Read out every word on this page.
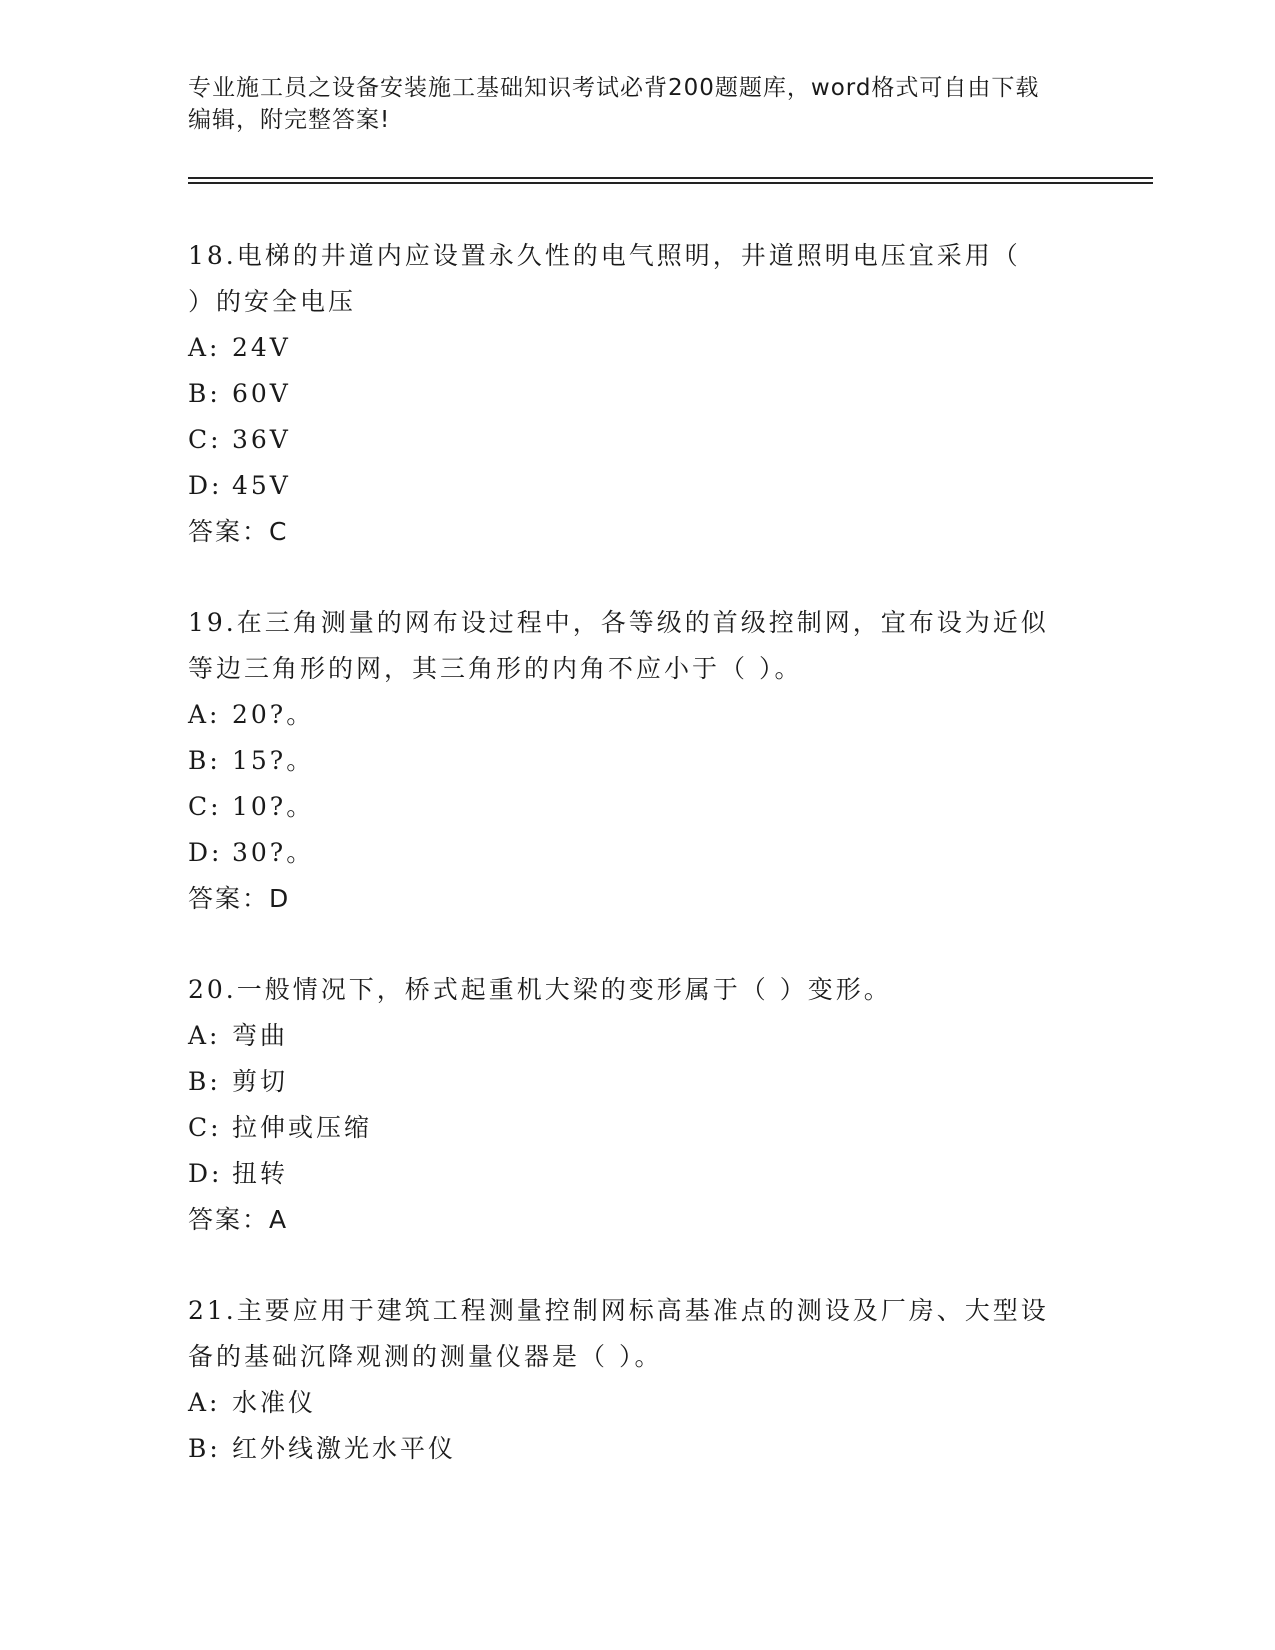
专业施工员之设备安装施工基础知识考试必背200题题库，word格式可自由下载
编辑，附完整答案!

18.电梯的井道内应设置永久性的电气照明，井道照明电压宜采用（

）的安全电压

A: 24V

B: 60V

C: 36V

D: 45V

答案：C

19.在三角测量的网布设过程中，各等级的首级控制网，宜布设为近似

等边三角形的网，其三角形的内角不应小于（ ）。

A: 20?。

B: 15?。

C: 10?。

D: 30?。

答案：D

20.一般情况下，桥式起重机大梁的变形属于（ ）变形。

A: 弯曲

B: 剪切

C: 拉伸或压缩

D: 扭转

答案：A

21.主要应用于建筑工程测量控制网标高基准点的测设及厂房、大型设

备的基础沉降观测的测量仪器是（ ）。

A: 水准仪

B: 红外线激光水平仪
